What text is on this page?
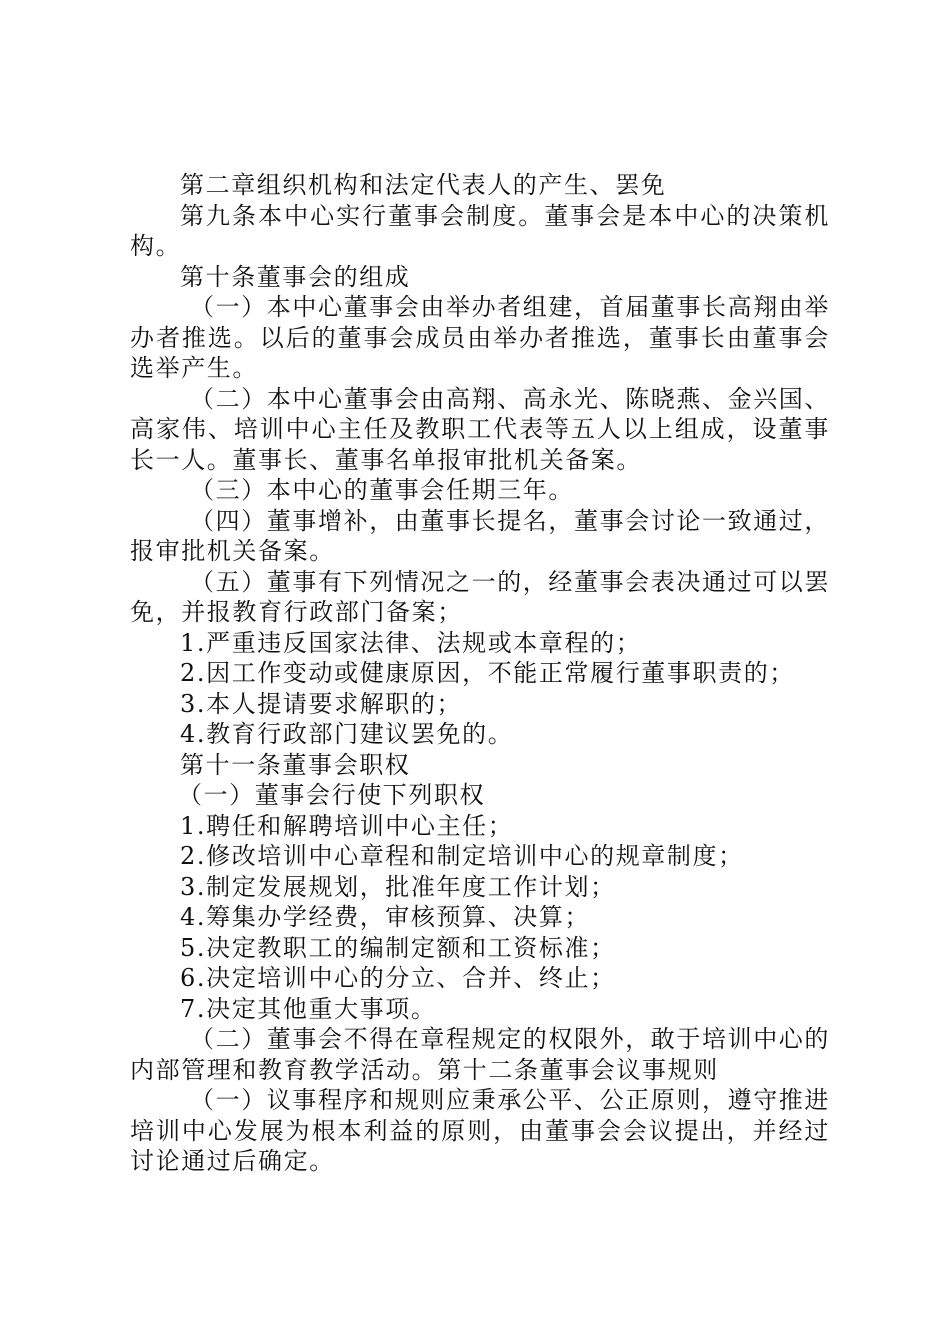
第二章组织机构和法定代表人的产生、罢免

第九条本中心实行董事会制度。董事会是本中心的决策机构。

第十条董事会的组成

（一）本中心董事会由举办者组建，首届董事长高翔由举办者推选。以后的董事会成员由举办者推选，董事长由董事会选举产生。

（二）本中心董事会由高翔、高永光、陈晓燕、金兴国、高家伟、培训中心主任及教职工代表等五人以上组成，设董事长一人。董事长、董事名单报审批机关备案。

（三）本中心的董事会任期三年。

（四）董事增补，由董事长提名，董事会讨论一致通过，报审批机关备案。

（五）董事有下列情况之一的，经董事会表决通过可以罢免，并报教育行政部门备案；

1.严重违反国家法律、法规或本章程的；

2.因工作变动或健康原因，不能正常履行董事职责的；

3.本人提请要求解职的；

4.教育行政部门建议罢免的。

第十一条董事会职权

（一）董事会行使下列职权

1.聘任和解聘培训中心主任；

2.修改培训中心章程和制定培训中心的规章制度；

3.制定发展规划，批准年度工作计划；

4.筹集办学经费，审核预算、决算；

5.决定教职工的编制定额和工资标准；

6.决定培训中心的分立、合并、终止；

7.决定其他重大事项。

（二）董事会不得在章程规定的权限外，敢于培训中心的内部管理和教育教学活动。第十二条董事会议事规则

（一）议事程序和规则应秉承公平、公正原则，遵守推进培训中心发展为根本利益的原则，由董事会会议提出，并经过讨论通过后确定。
